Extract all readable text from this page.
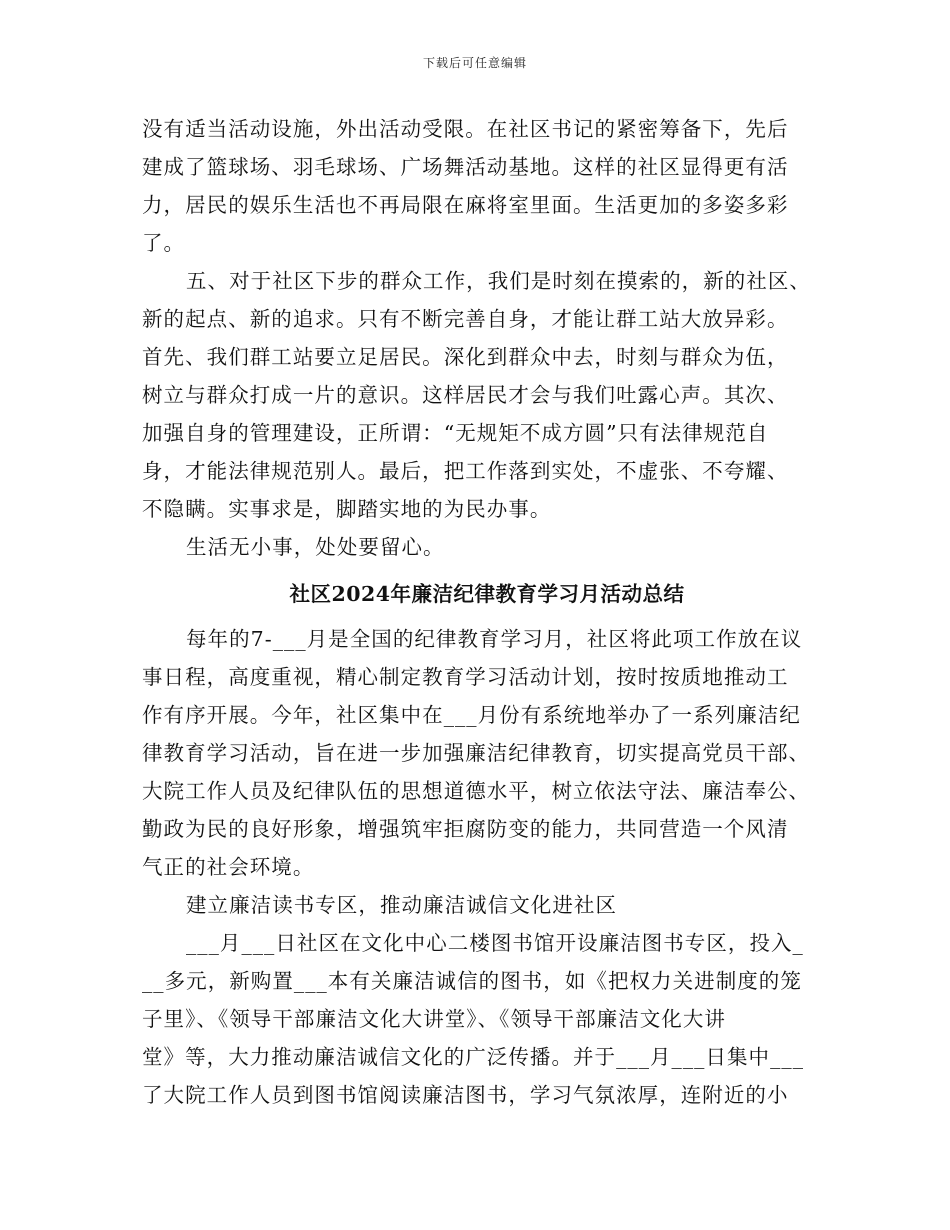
下载后可任意编辑
没有适当活动设施，外出活动受限。在社区书记的紧密筹备下，先后
建成了篮球场、羽毛球场、广场舞活动基地。这样的社区显得更有活
力，居民的娱乐生活也不再局限在麻将室里面。生活更加的多姿多彩
了。
五、对于社区下步的群众工作，我们是时刻在摸索的，新的社区、
新的起点、新的追求。只有不断完善自身，才能让群工站大放异彩。
首先、我们群工站要立足居民。深化到群众中去，时刻与群众为伍，
树立与群众打成一片的意识。这样居民才会与我们吐露心声。其次、
加强自身的管理建设，正所谓：“无规矩不成方圆”只有法律规范自
身，才能法律规范别人。最后，把工作落到实处，不虚张、不夸耀、
不隐瞒。实事求是，脚踏实地的为民办事。
生活无小事，处处要留心。
社区2024年廉洁纪律教育学习月活动总结
每年的7-___月是全国的纪律教育学习月，社区将此项工作放在议
事日程，高度重视，精心制定教育学习活动计划，按时按质地推动工
作有序开展。今年，社区集中在___月份有系统地举办了一系列廉洁纪
律教育学习活动，旨在进一步加强廉洁纪律教育，切实提高党员干部、
大院工作人员及纪律队伍的思想道德水平，树立依法守法、廉洁奉公、
勤政为民的良好形象，增强筑牢拒腐防变的能力，共同营造一个风清
气正的社会环境。
建立廉洁读书专区，推动廉洁诚信文化进社区
___月___日社区在文化中心二楼图书馆开设廉洁图书专区，投入_
__多元，新购置___本有关廉洁诚信的图书，如《把权力关进制度的笼
子里》、《领导干部廉洁文化大讲堂》、《领导干部廉洁文化大讲
堂》等，大力推动廉洁诚信文化的广泛传播。并于___月___日集中___
了大院工作人员到图书馆阅读廉洁图书，学习气氛浓厚，连附近的小
